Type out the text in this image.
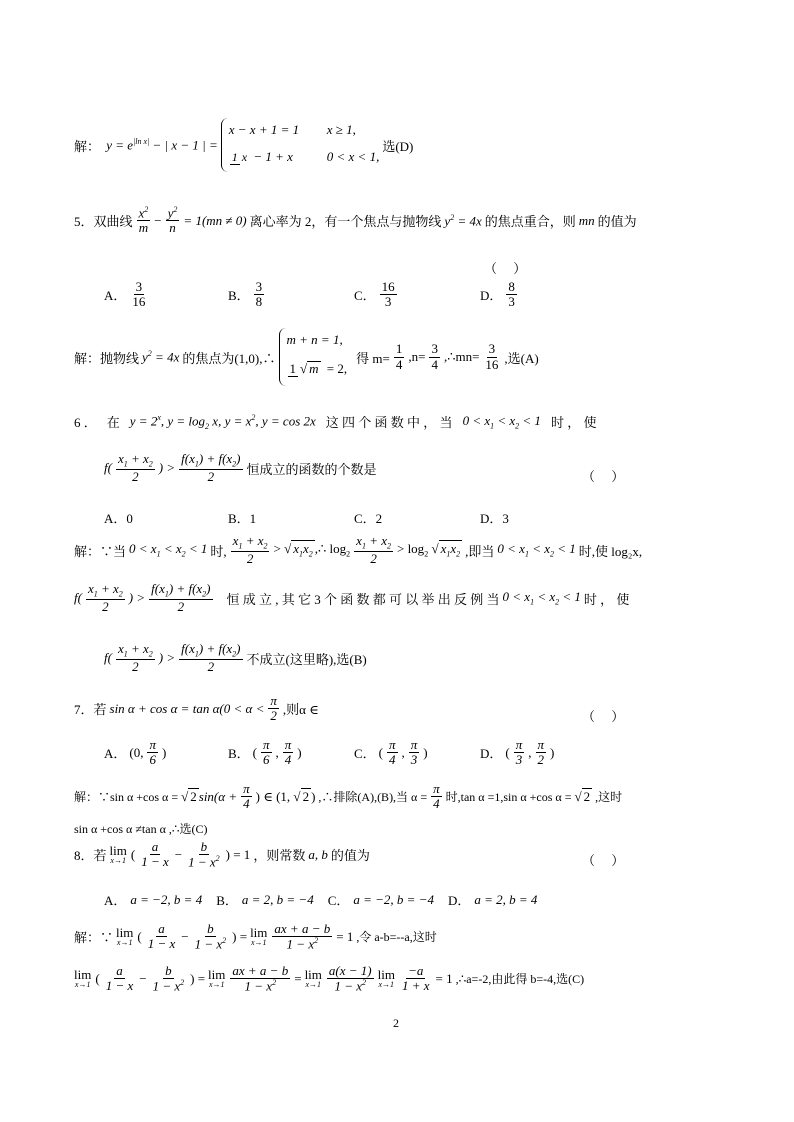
解： $y = e^{|ln x|}$ − | x − 1 | =
x − x + 1 = 1	x ≥ 1,
1 x − 1 + x	0 < x < 1,
选(D)
5．双曲线 $\frac{x^2}{m} - \frac{y^2}{n} = 1(mn \ne 0)$ 离心率为 2，有一个焦点与抛物线 $y^2 = 4x$ 的焦点重合，则 mn 的值为
（　 ）
A． $\frac{3}{16}$	B． $\frac{3}{8}$	C． $\frac{16}{3}$	D． $\frac{8}{3}$
解：抛物线 $y^2 = 4x$ 的焦点为(1,0),∴
m + n = 1,
1 √ m = 2,
得 $m= \frac{1}{4} ,n= \frac{3}{4}$ ,∴mn= $\frac{3}{16}$ ,选(A)
6 ． 在 $y = 2^x$, $y = \log_2 x$, $y = x^2$, y = cos 2x 这 四 个 函 数 中 ， 当 $0 < x_1 < x_2 < 1$ 时 ， 使
$f( \frac{x_1 + x_2}{2}$ ) > $\frac{f(x_1) + f(x_2)}{2}$ 恒成立的函数的个数是	（　 ）
A．0	B．1	C．2	D．3
解：∵当 $0 < x_1 < x_2 < 1$ 时, $\frac{x_1 + x_2}{2}$ > √ $x_1x_2$ ,∴ $\log_2 \frac{x_1 + x_2}{2} > \log_2$ √ $x_1x_2$ ,即当 $0 < x_1 < x_2 < 1$ 时,使 log₂x,
$f( \frac{x_1 + x_2}{2}$ ) > $\frac{f(x_1) + f(x_2)}{2}$ 恒 成 立 , 其 它 3 个 函 数 都 可 以 举 出 反 例 当 $0 < x_1 < x_2 < 1$ 时 ， 使
$f( \frac{x_1 + x_2}{2}$ ) > $\frac{f(x_1) + f(x_2)}{2}$ 不成立(这里略),选(B)
7．若 $\sin \alpha + \cos \alpha = \tan \alpha(0 < \alpha < \frac{\pi}{2}$ ,则α ∈	（　 ）
A． (0, $\frac{\pi}{6}$ )	B． ( $\frac{\pi}{6}$ , $\frac{\pi}{4}$ )	C． ( $\frac{\pi}{4}$ , $\frac{\pi}{3}$ )	D． ( $\frac{\pi}{3}$ , $\frac{\pi}{2}$ )
解：∵sin α +cos α = √ 2 $\sin(\alpha + \frac{\pi}{4}$ ) ∈ (1, √ 2 ) ,∴排除(A),(B),当 $\alpha = \frac{\pi}{4}$ 时,tan α =1,sin α +cos α = √ 2 ,这时
sin α +cos α ≠tan α ,∴选(C)
8．若 lim
x→1 ( $\frac{a}{1 - x} - \frac{b}{1 - x^2}$ ) = 1 ，则常数 a, b 的值为	（　 ）
A． a = −2, b = 4 B． a = 2, b = −4 C． a = −2, b = −4 D． a = 2, b = 4
解：∵ lim
x→1 ( $\frac{a}{1 - x} - \frac{b}{1 - x^2}$ ) = lim
$x\to 1 \frac{ax + a - b}{1 - x^2} = 1$ ,令 a-b=--a,这时
lim
x→1 ( $\frac{a}{1 - x} - \frac{b}{1 - x^2}$ ) = lim
$x\to 1 \frac{ax + a - b}{1 - x^2} = \lim$
$x\to 1 \frac{a(x - 1)}{1 - x^2}$ lim
$x\to 1 \frac{-a}{1 + x} = 1$ ,∴a=-2,由此得 b=-4,选(C)
2
